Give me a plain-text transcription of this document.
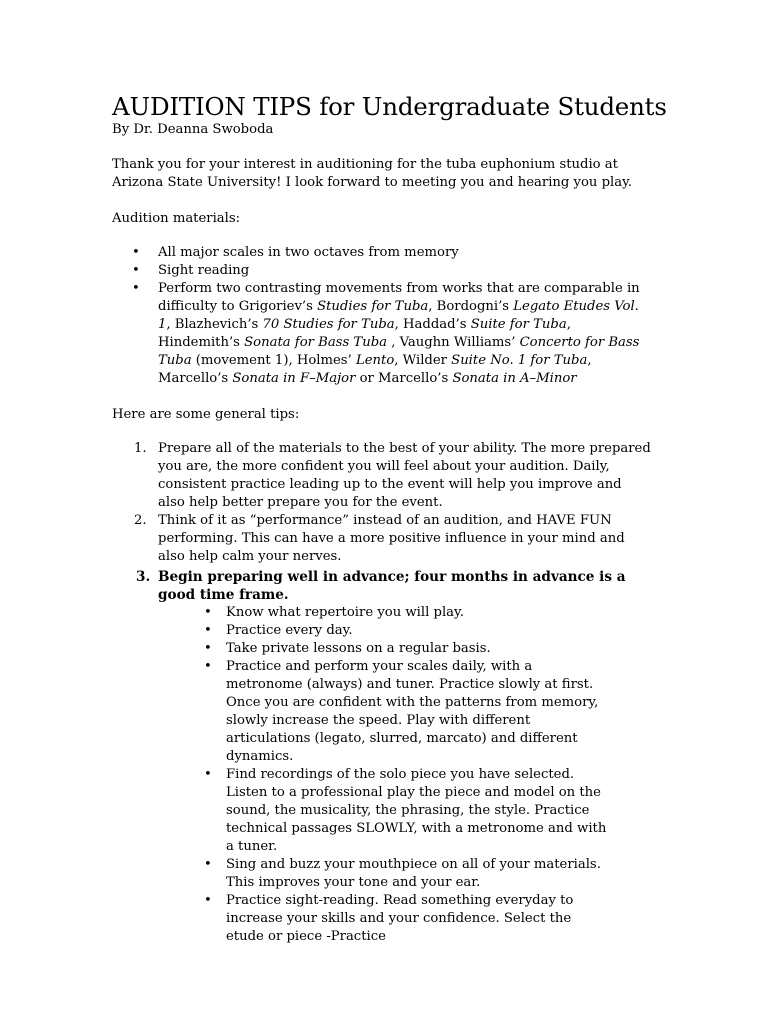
AUDITION TIPS for Undergraduate Students
By Dr. Deanna Swoboda

Thank you for your interest in auditioning for the tuba euphonium studio at Arizona State University! I look forward to meeting you and hearing you play.

Audition materials:

• All major scales in two octaves from memory
• Sight reading
• Perform two contrasting movements from works that are comparable in difficulty to Grigoriev’s Studies for Tuba, Bordogni’s Legato Etudes Vol. 1, Blazhevich’s 70 Studies for Tuba, Haddad’s Suite for Tuba, Hindemith’s Sonata for Bass Tuba , Vaughn Williams’ Concerto for Bass Tuba (movement 1), Holmes’ Lento, Wilder Suite No. 1 for Tuba, Marcello’s Sonata in F–Major or Marcello’s Sonata in A–Minor

Here are some general tips:

1. Prepare all of the materials to the best of your ability. The more prepared you are, the more confident you will feel about your audition. Daily, consistent practice leading up to the event will help you improve and also help better prepare you for the event.
2. Think of it as “performance” instead of an audition, and HAVE FUN performing. This can have a more positive influence in your mind and also help calm your nerves.
3. Begin preparing well in advance; four months in advance is a good time frame.
• Know what repertoire you will play.
• Practice every day.
• Take private lessons on a regular basis.
• Practice and perform your scales daily, with a metronome (always) and tuner. Practice slowly at first. Once you are confident with the patterns from memory, slowly increase the speed. Play with different articulations (legato, slurred, marcato) and different dynamics.
• Find recordings of the solo piece you have selected. Listen to a professional play the piece and model on the sound, the musicality, the phrasing, the style. Practice technical passages SLOWLY, with a metronome and with a tuner.
• Sing and buzz your mouthpiece on all of your materials. This improves your tone and your ear.
• Practice sight-reading. Read something everyday to increase your skills and your confidence. Select the etude or piece -Practice
